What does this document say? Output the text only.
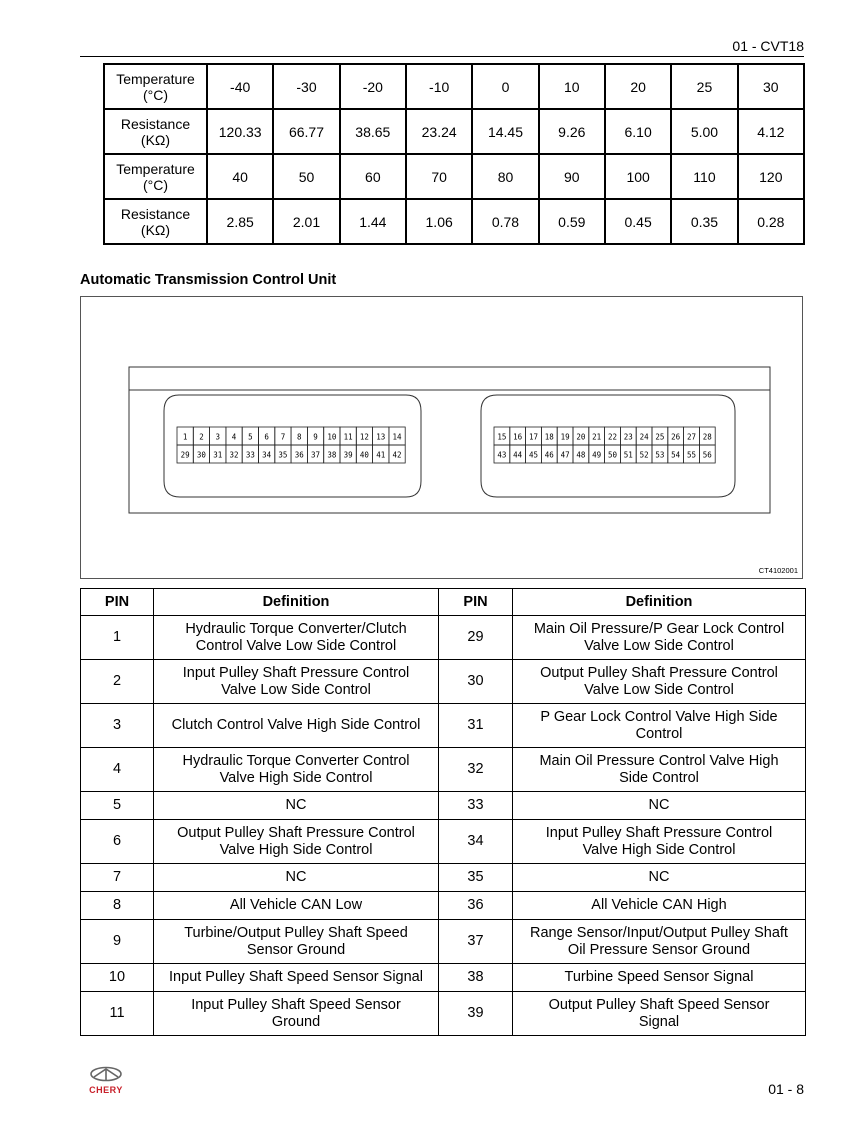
01 - CVT18
Temperature
(°C)	-40	-30	-20	-10	0	10	20	25	30
Resistance
(KΩ)	120.33	66.77	38.65	23.24	14.45	9.26	6.10	5.00	4.12
Temperature
(°C)	40	50	60	70	80	90	100	110	120
Resistance
(KΩ)	2.85	2.01	1.44	1.06	0.78	0.59	0.45	0.35	0.28
Automatic Transmission Control Unit
1 2 3 4 5 6 7 8 9 10 11 12 13 14
29 30 31 32 33 34 35 36 37 38 39 40 41 42
15 16 17 18 19 20 21 22 23 24 25 26 27 28
43 44 45 46 47 48 49 50 51 52 53 54 55 56
CT4102001
PIN	Definition	PIN	Definition
1	Hydraulic Torque Converter/Clutch
Control Valve Low Side Control	29	Main Oil Pressure/P Gear Lock Control
Valve Low Side Control
2	Input Pulley Shaft Pressure Control
Valve Low Side Control	30	Output Pulley Shaft Pressure Control
Valve Low Side Control
3	Clutch Control Valve High Side Control	31	P Gear Lock Control Valve High Side
Control
4	Hydraulic Torque Converter Control
Valve High Side Control	32	Main Oil Pressure Control Valve High
Side Control
5	NC	33	NC
6	Output Pulley Shaft Pressure Control
Valve High Side Control	34	Input Pulley Shaft Pressure Control
Valve High Side Control
7	NC	35	NC
8	All Vehicle CAN Low	36	All Vehicle CAN High
9	Turbine/Output Pulley Shaft Speed
Sensor Ground	37	Range Sensor/Input/Output Pulley Shaft
Oil Pressure Sensor Ground
10	Input Pulley Shaft Speed Sensor Signal	38	Turbine Speed Sensor Signal
11	Input Pulley Shaft Speed Sensor
Ground	39	Output Pulley Shaft Speed Sensor
Signal
CHERY	01 - 8
